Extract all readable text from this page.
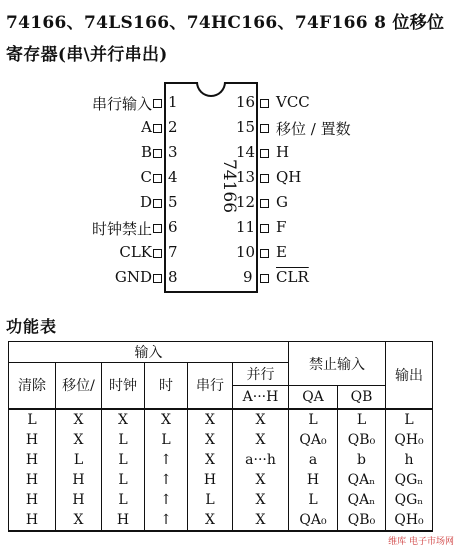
74166、74LS166、74HC166、74F166 8 位移位
寄存器(串\并行串出)
74166
串行输入 1
A 2
B 3
C 4
D 5
时钟禁止 6
CLK 7
GND 8
16 VCC
15 移位 / 置数
14 H
13 QH
12 G
11 F
10 E
9 $\overline{CLR}$
功能表
输入						禁止输入		输出
清除	移位/	时钟	时	串行	并行			
					A···H	QA	QB	
L	X	X	X	X	X	L	L	L
H	X	L	L	X	X	QA₀	QB₀	QH₀
H	L	L	↑	X	a···h	a	b	h
H	H	L	↑	H	X	H	QAₙ	QGₙ
H	H	L	↑	L	X	L	QAₙ	QGₙ
H	X	H	↑	X	X	QA₀	QB₀	QH₀
维库 电子市场网
